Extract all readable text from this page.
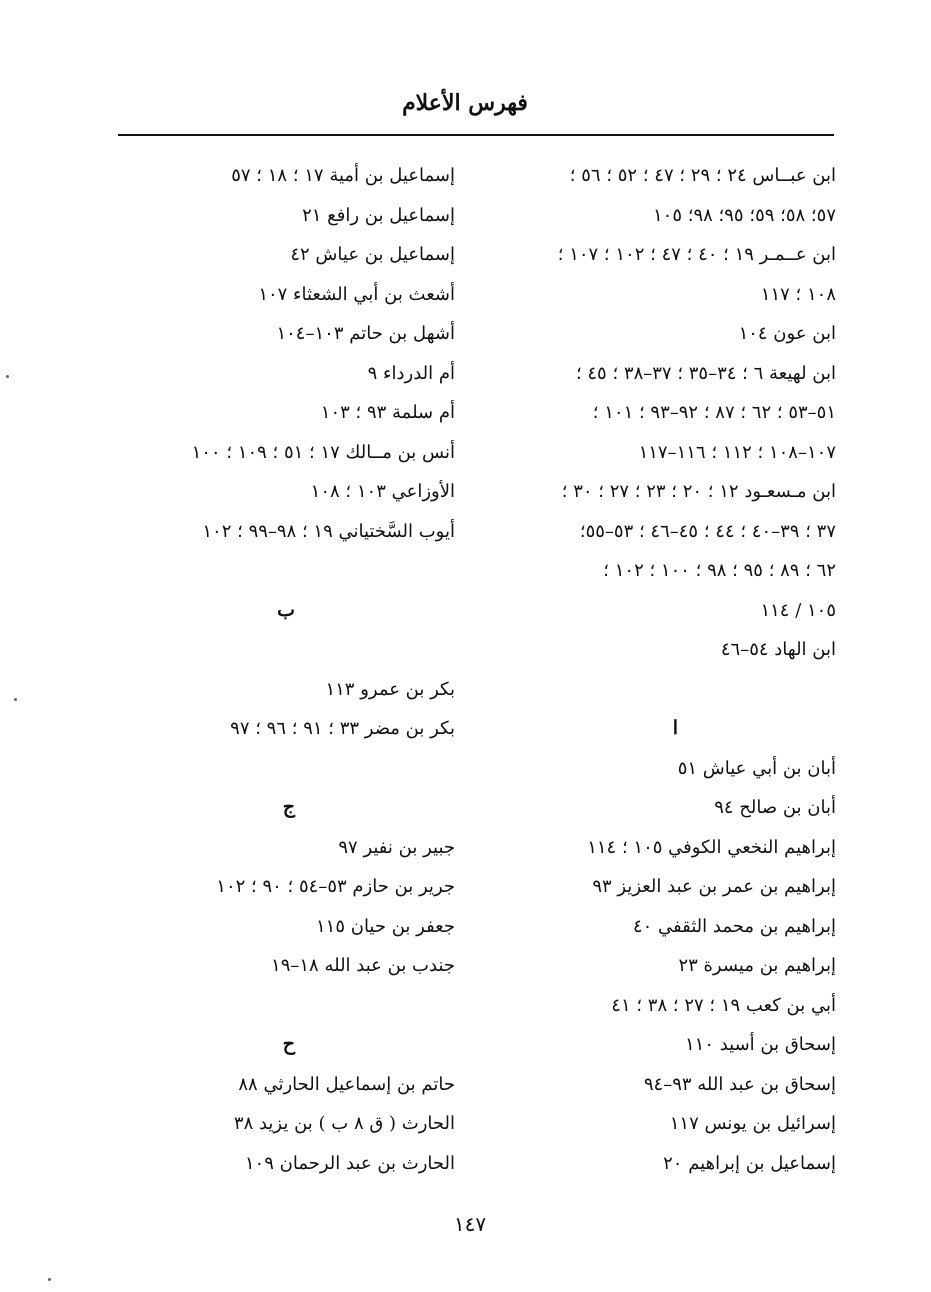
فهرس الأعلام
ابن عبــاس ٢٤ ؛ ٢٩ ؛ ٤٧ ؛ ٥٢ ؛ ٥٦ ؛
٥٧؛ ٥٨؛ ٥٩؛ ٩٥؛ ٩٨؛ ١٠٥
ابن عــمـر ١٩ ؛ ٤٠ ؛ ٤٧ ؛ ١٠٢ ؛ ١٠٧ ؛
١٠٨ ؛ ١١٧
ابن عون ١٠٤
ابن لهيعة ٦ ؛ ٣٤–٣٥ ؛ ٣٧–٣٨ ؛ ٤٥ ؛
٥١–٥٣ ؛ ٦٢ ؛ ٨٧ ؛ ٩٢–٩٣ ؛ ١٠١ ؛
١٠٧–١٠٨ ؛ ١١٢ ؛ ١١٦–١١٧
ابن مـسعـود ١٢ ؛ ٢٠ ؛ ٢٣ ؛ ٢٧ ؛ ٣٠ ؛
٣٧ ؛ ٣٩–٤٠ ؛ ٤٤ ؛ ٤٥–٤٦ ؛ ٥٣–٥٥؛
٦٢ ؛ ٨٩ ؛ ٩٥ ؛ ٩٨ ؛ ١٠٠ ؛ ١٠٢ ؛
١٠٥ / ١١٤
ابن الهاد ٥٤–٤٦
ا
أبان بن أبي عياش ٥١
أبان بن صالح ٩٤
إبراهيم النخعي الكوفي ١٠٥ ؛ ١١٤
إبراهيم بن عمر بن عبد العزيز ٩٣
إبراهيم بن محمد الثقفي ٤٠
إبراهيم بن ميسرة ٢٣
أبي بن كعب ١٩ ؛ ٢٧ ؛ ٣٨ ؛ ٤١
إسحاق بن أسيد ١١٠
إسحاق بن عبد الله ٩٣–٩٤
إسرائيل بن يونس ١١٧
إسماعيل بن إبراهيم ٢٠
إسماعيل بن أمية ١٧ ؛ ١٨ ؛ ٥٧
إسماعيل بن رافع ٢١
إسماعيل بن عياش ٤٢
أشعث بن أبي الشعثاء ١٠٧
أشهل بن حاتم ١٠٣–١٠٤
أم الدرداء ٩
أم سلمة ٩٣ ؛ ١٠٣
أنس بن مــالك ١٧ ؛ ٥١ ؛ ١٠٩ ؛ ١٠٠
الأوزاعي ١٠٣ ؛ ١٠٨
أيوب السَّختياني ١٩ ؛ ٩٨–٩٩ ؛ ١٠٢
ب
بكر بن عمرو ١١٣
بكر بن مضر ٣٣ ؛ ٩١ ؛ ٩٦ ؛ ٩٧
ج
جبير بن نفير ٩٧
جرير بن حازم ٥٣–٥٤ ؛ ٩٠ ؛ ١٠٢
جعفر بن حيان ١١٥
جندب بن عبد الله ١٨–١٩
ح
حاتم بن إسماعيل الحارثي ٨٨
الحارث ( ق ٨ ب ) بن يزيد ٣٨
الحارث بن عبد الرحمان ١٠٩
١٤٧
